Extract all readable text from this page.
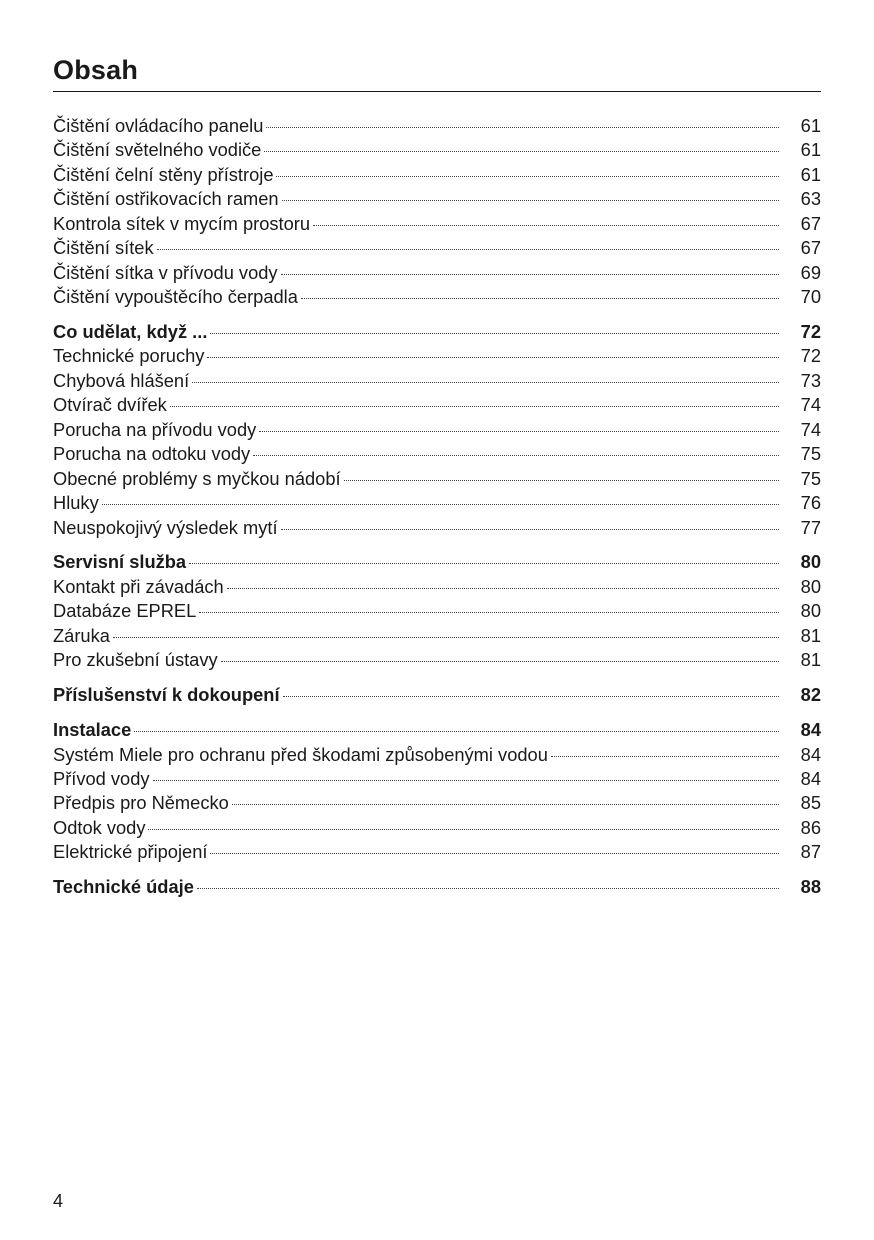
Obsah
Čištění ovládacího panelu	61
Čištění světelného vodiče	61
Čištění čelní stěny přístroje	61
Čištění ostřikovacích ramen	63
Kontrola sítek v mycím prostoru	67
Čištění sítek	67
Čištění sítka v přívodu vody	69
Čištění vypouštěcího čerpadla	70
Co udělat, když ...	72
Technické poruchy	72
Chybová hlášení	73
Otvírač dvířek	74
Porucha na přívodu vody	74
Porucha na odtoku vody	75
Obecné problémy s myčkou nádobí	75
Hluky	76
Neuspokojivý výsledek mytí	77
Servisní služba	80
Kontakt při závadách	80
Databáze EPREL	80
Záruka	81
Pro zkušební ústavy	81
Příslušenství k dokoupení	82
Instalace	84
Systém Miele pro ochranu před škodami způsobenými vodou	84
Přívod vody	84
Předpis pro Německo	85
Odtok vody	86
Elektrické připojení	87
Technické údaje	88
4
